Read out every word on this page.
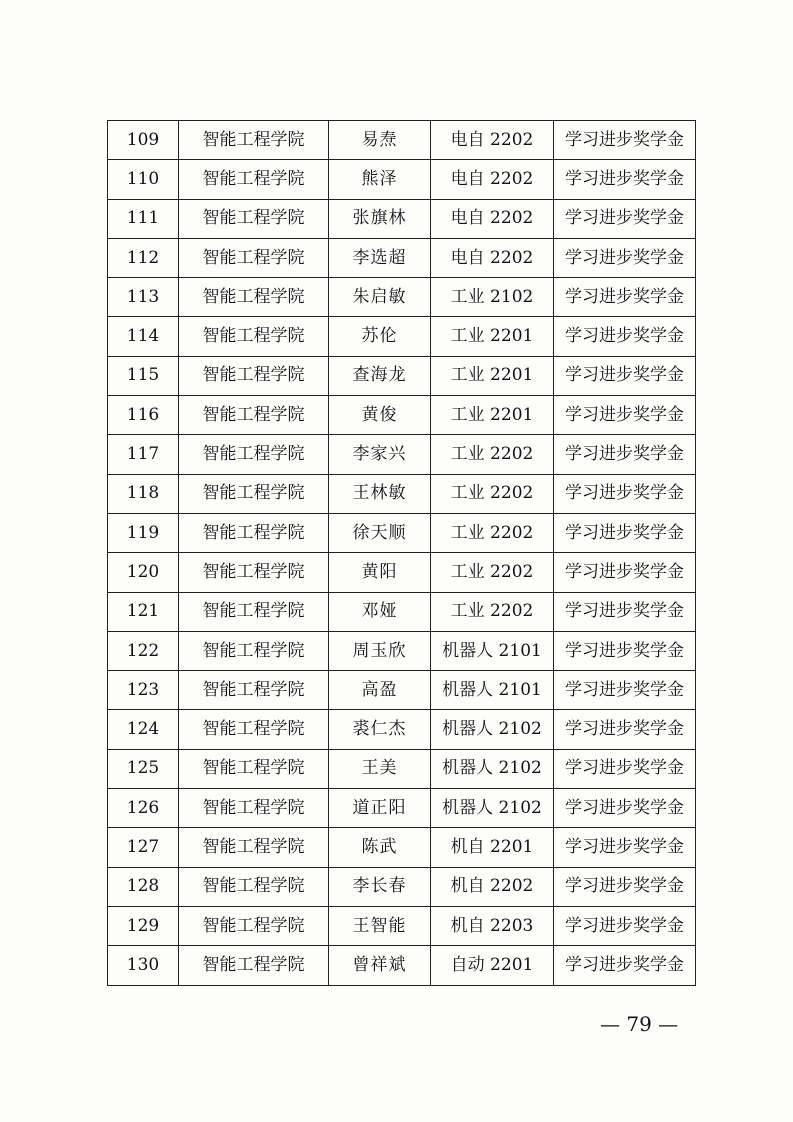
109	智能工程学院	易焘	电自 2202	学习进步奖学金
110	智能工程学院	熊泽	电自 2202	学习进步奖学金
111	智能工程学院	张旗林	电自 2202	学习进步奖学金
112	智能工程学院	李选超	电自 2202	学习进步奖学金
113	智能工程学院	朱启敏	工业 2102	学习进步奖学金
114	智能工程学院	苏伦	工业 2201	学习进步奖学金
115	智能工程学院	查海龙	工业 2201	学习进步奖学金
116	智能工程学院	黄俊	工业 2201	学习进步奖学金
117	智能工程学院	李家兴	工业 2202	学习进步奖学金
118	智能工程学院	王林敏	工业 2202	学习进步奖学金
119	智能工程学院	徐天顺	工业 2202	学习进步奖学金
120	智能工程学院	黄阳	工业 2202	学习进步奖学金
121	智能工程学院	邓娅	工业 2202	学习进步奖学金
122	智能工程学院	周玉欣	机器人 2101	学习进步奖学金
123	智能工程学院	高盈	机器人 2101	学习进步奖学金
124	智能工程学院	裘仁杰	机器人 2102	学习进步奖学金
125	智能工程学院	王美	机器人 2102	学习进步奖学金
126	智能工程学院	道正阳	机器人 2102	学习进步奖学金
127	智能工程学院	陈武	机自 2201	学习进步奖学金
128	智能工程学院	李长春	机自 2202	学习进步奖学金
129	智能工程学院	王智能	机自 2203	学习进步奖学金
130	智能工程学院	曾祥斌	自动 2201	学习进步奖学金
— 79 —
